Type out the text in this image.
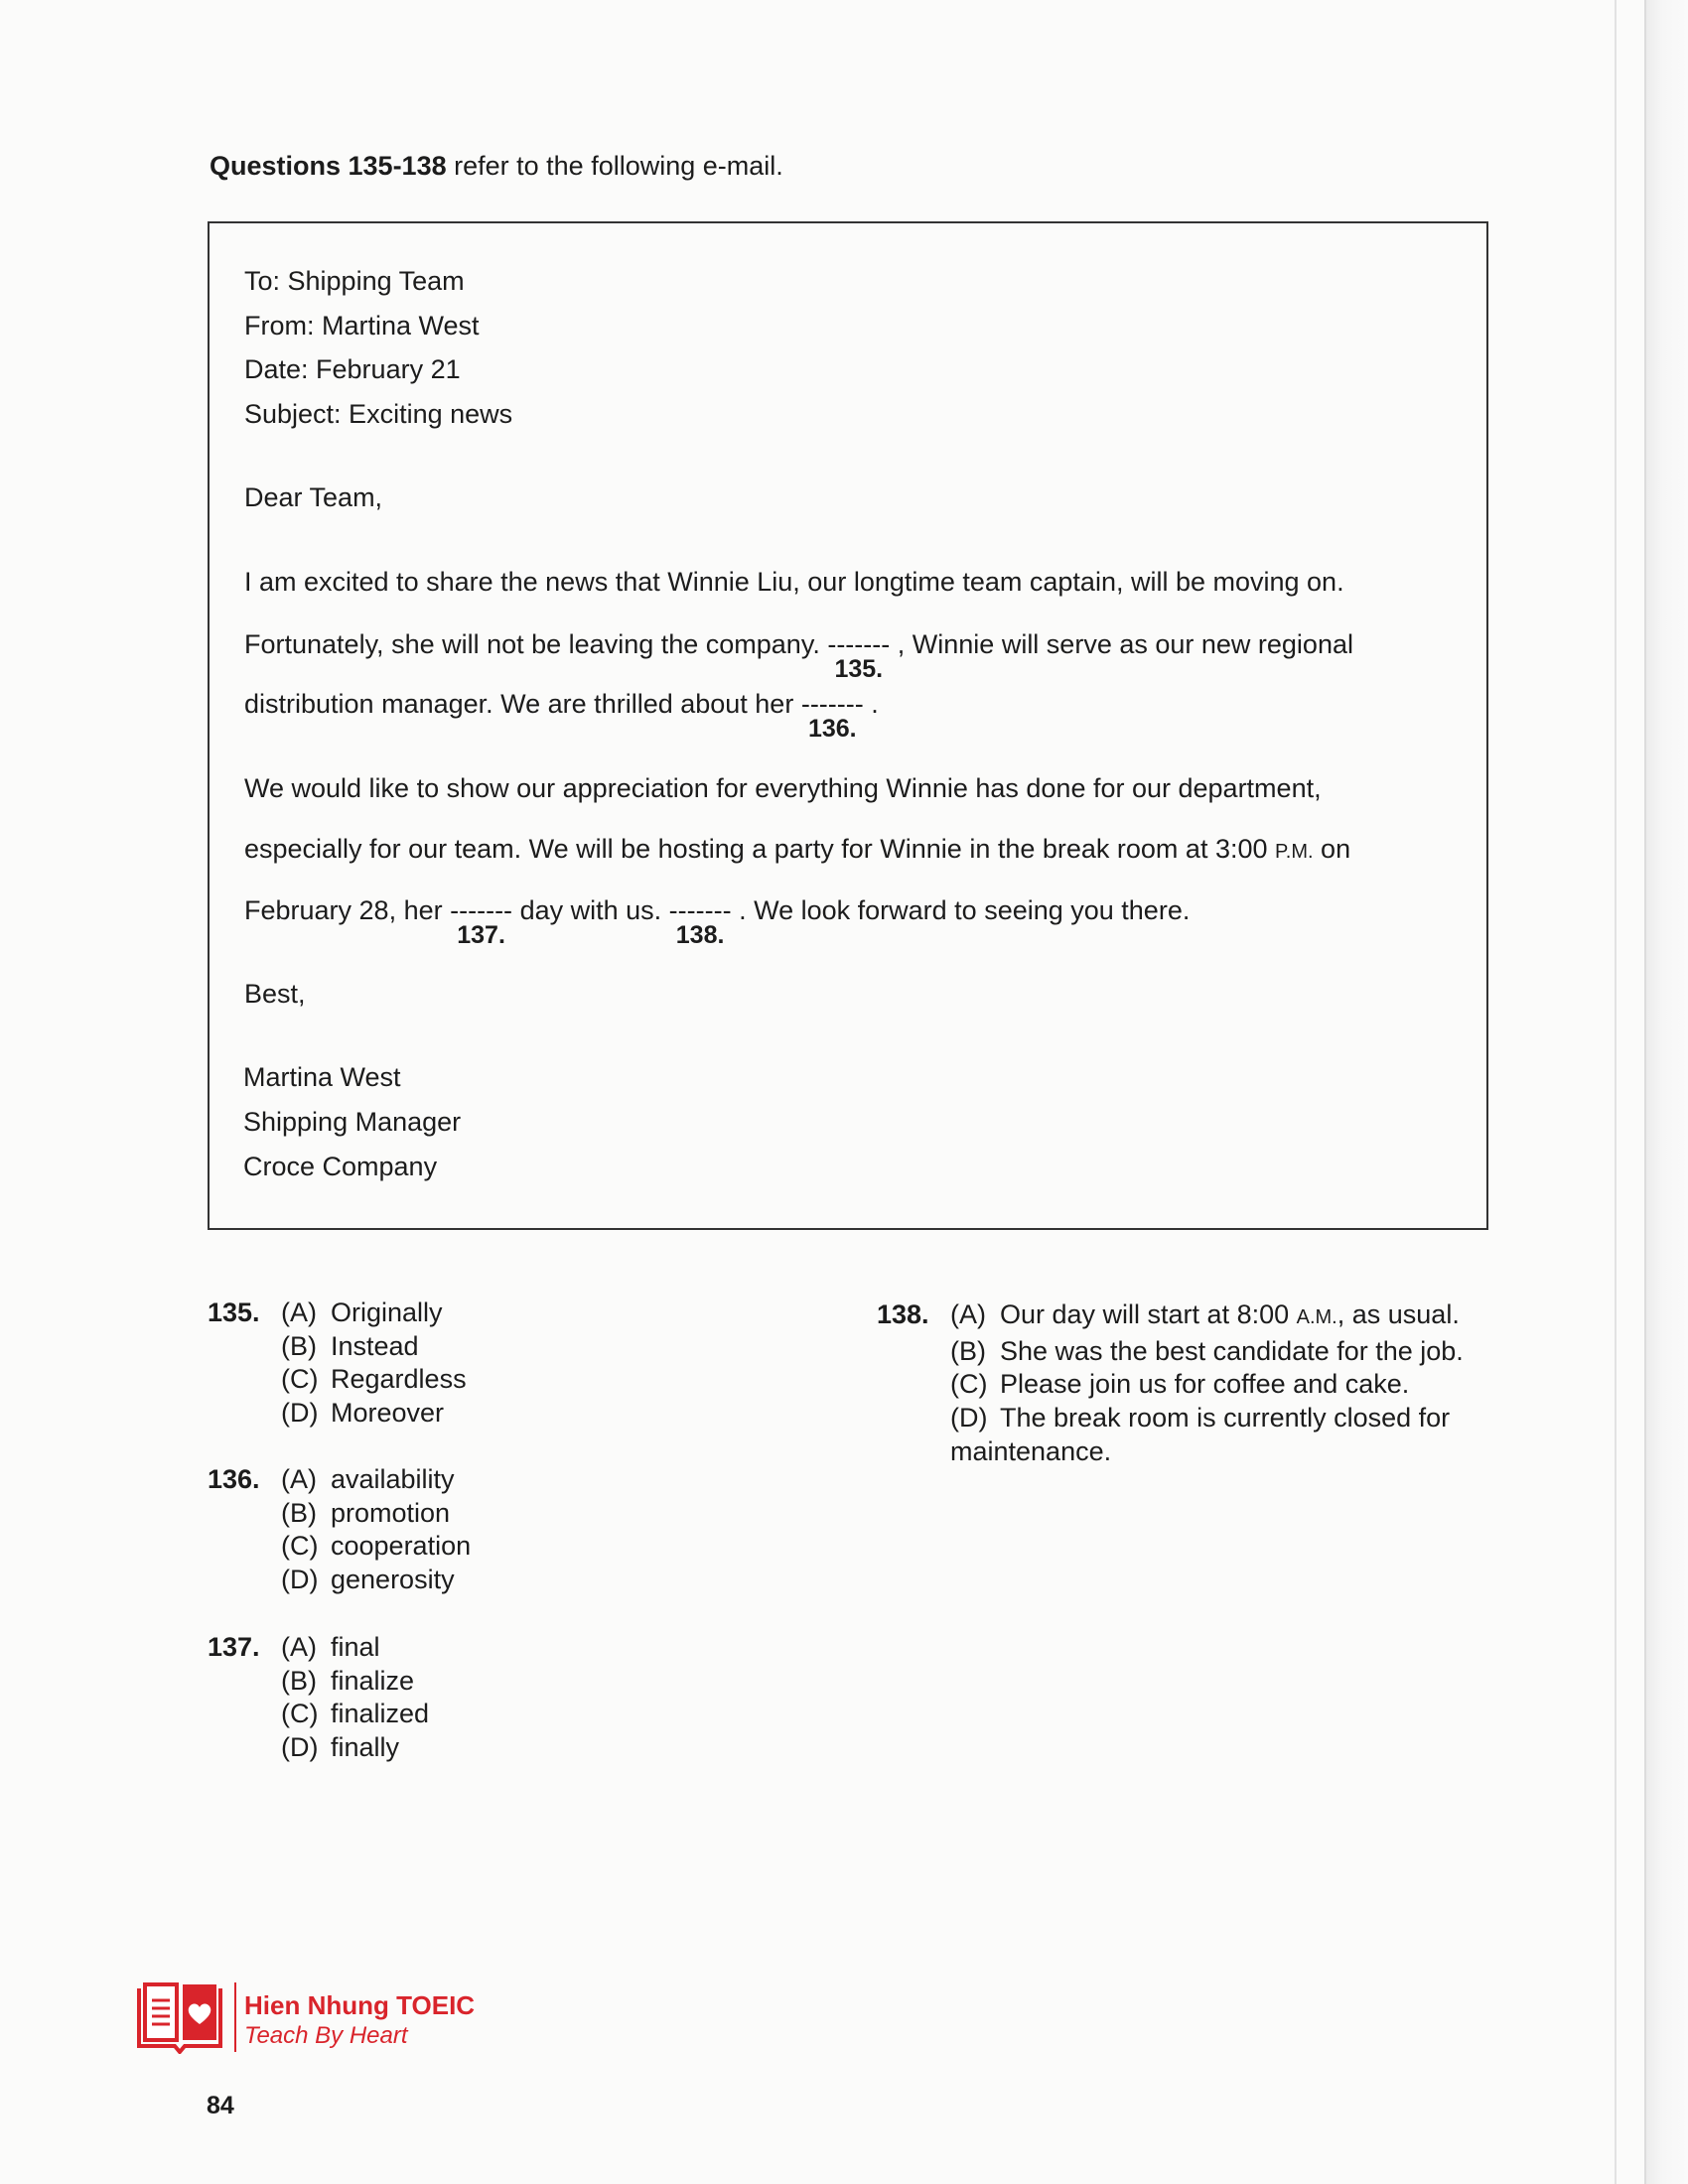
Questions 135-138 refer to the following e-mail.
To: Shipping Team
From: Martina West
Date: February 21
Subject: Exciting news
Dear Team,
I am excited to share the news that Winnie Liu, our longtime team captain, will be moving on.
Fortunately, she will not be leaving the company. -------
135.
, Winnie will serve as our new regional
distribution manager. We are thrilled about her -------
136.
.
We would like to show our appreciation for everything Winnie has done for our department,
especially for our team. We will be hosting a party for Winnie in the break room at 3:00 P.M. on
February 28, her -------
137.
day with us. -------
138.
. We look forward to seeing you there.
Best,
Martina West
Shipping Manager
Croce Company
135. (A) Originally
(B) Instead
(C) Regardless
(D) Moreover
136. (A) availability
(B) promotion
(C) cooperation
(D) generosity
137. (A) final
(B) finalize
(C) finalized
(D) finally
138. (A) Our day will start at 8:00 A.M., as usual.
(B) She was the best candidate for the job.
(C) Please join us for coffee and cake.
(D) The break room is currently closed for
maintenance.
Hien Nhung TOEIC
Teach By Heart
84
